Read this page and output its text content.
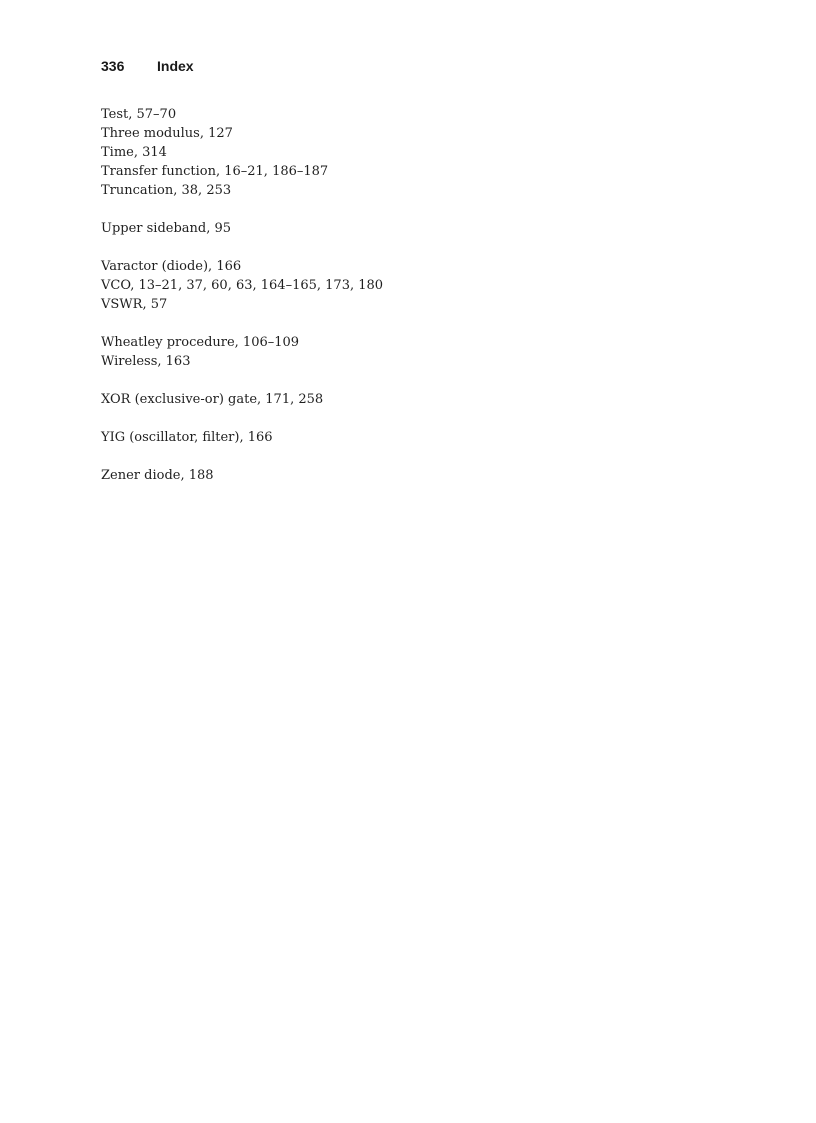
336 Index
Test, 57–70
Three modulus, 127
Time, 314
Transfer function, 16–21, 186–187
Truncation, 38, 253
Upper sideband, 95
Varactor (diode), 166
VCO, 13–21, 37, 60, 63, 164–165, 173, 180
VSWR, 57
Wheatley procedure, 106–109
Wireless, 163
XOR (exclusive-or) gate, 171, 258
YIG (oscillator, filter), 166
Zener diode, 188
